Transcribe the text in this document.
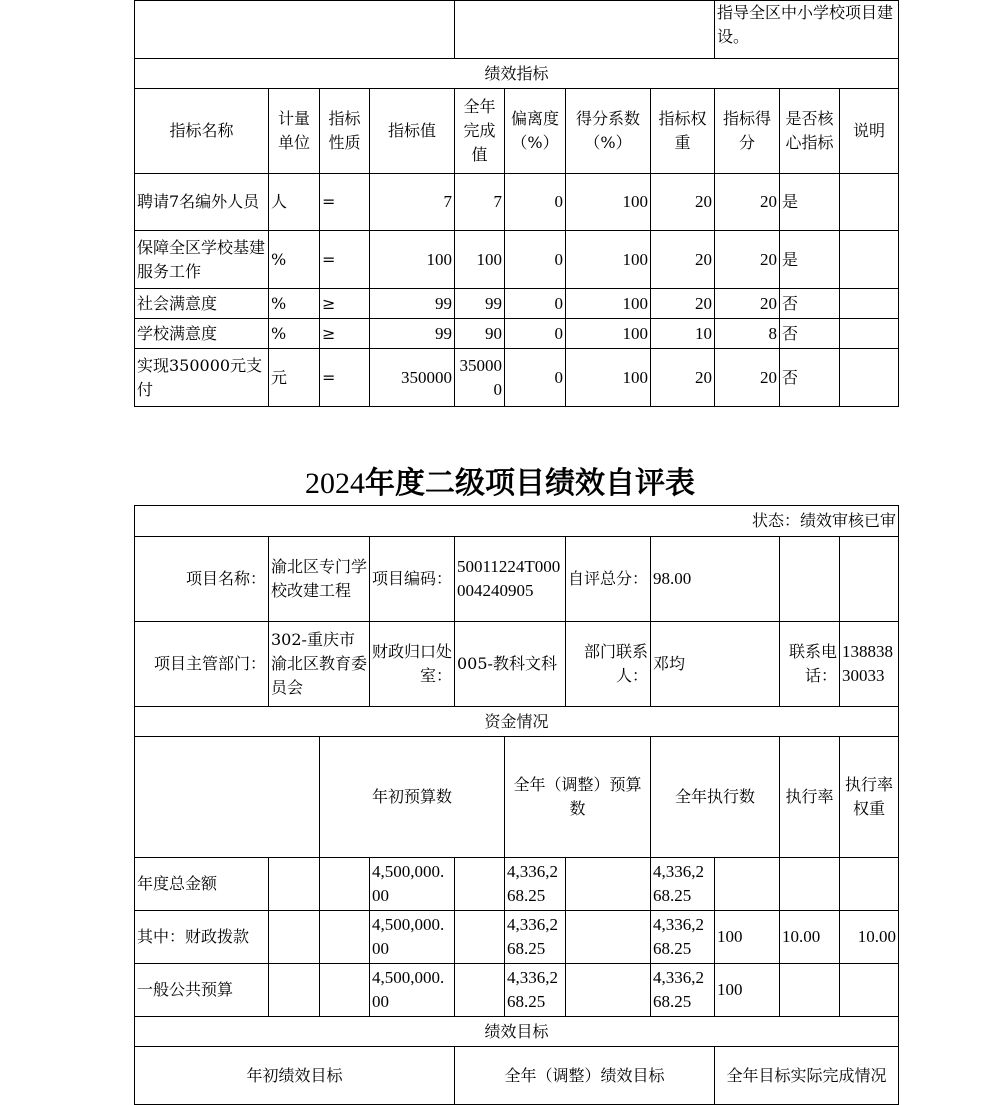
								指导全区中小学校项目建设。		
绩效指标										
指标名称	计量单位	指标性质	指标值	全年完成值	偏离度（%）	得分系数（%）	指标权重	指标得分	是否核心指标	说明
聘请7名编外人员	人	=	7	7	0	100	20	20	是	
保障全区学校基建服务工作	%	=	100	100	0	100	20	20	是	
社会满意度	%	≥	99	99	0	100	20	20	否	
学校满意度	%	≥	99	90	0	100	10	8	否	
实现350000元支付	元	=	350000	350000	0	100	20	20	否	
2024年度二级项目绩效自评表
状态：绩效审核已审											
项目名称：	渝北区专门学校改建工程		项目编码：	50011224T000004240905		自评总分：	98.00				
项目主管部门：	302-重庆市渝北区教育委员会		财政归口处室：	005-教科文科		部门联系人：	邓均		联系电话：	13883830033	
资金情况											
		年初预算数			全年（调整）预算数		全年执行数		执行率	执行率权重	
年度总金额			4,500,000.00		4,336,268.25		4,336,268.25				
其中：财政拨款			4,500,000.00		4,336,268.25		4,336,268.25	100	10.00	10.00	
一般公共预算			4,500,000.00		4,336,268.25		4,336,268.25	100			
绩效目标											
年初绩效目标				全年（调整）绩效目标				全年目标实际完成情况			
